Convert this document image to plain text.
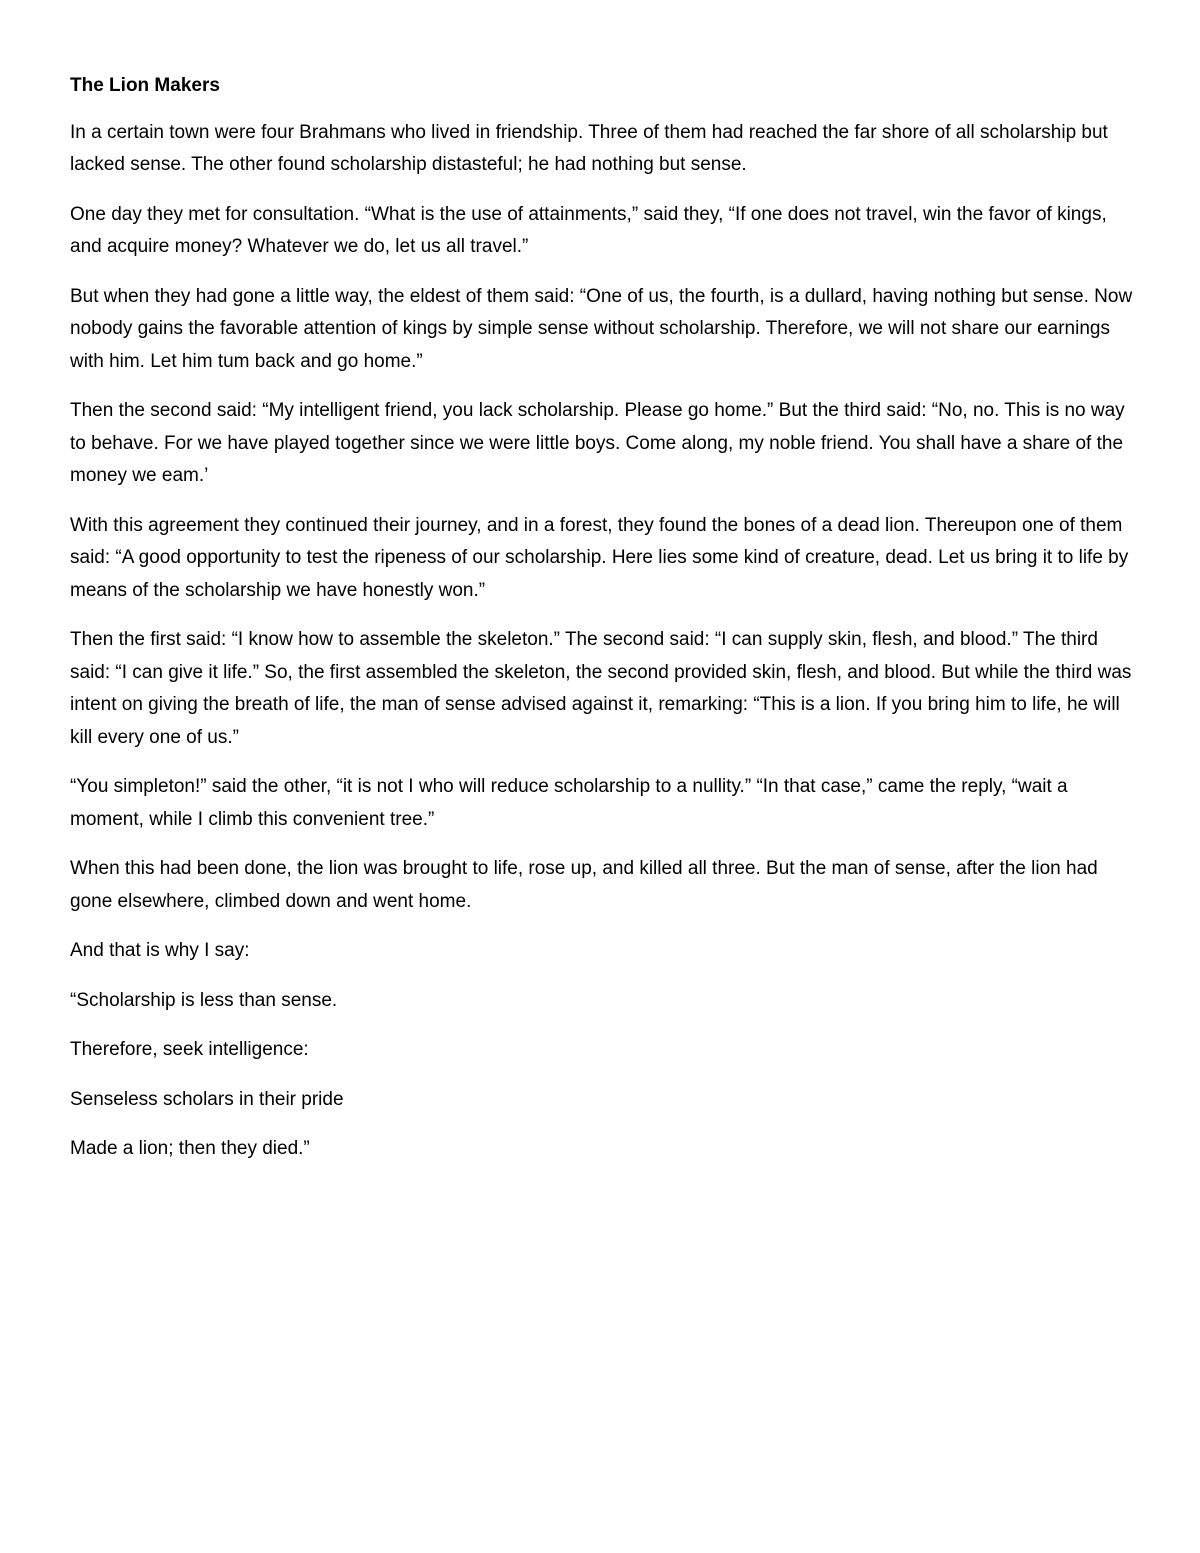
The Lion Makers

In a certain town were four Brahmans who lived in friendship. Three of them had reached the far shore of all scholarship but lacked sense. The other found scholarship distasteful; he had nothing but sense.

One day they met for consultation. “What is the use of attainments,” said they, “If one does not travel, win the favor of kings, and acquire money? Whatever we do, let us all travel.”

But when they had gone a little way, the eldest of them said: “One of us, the fourth, is a dullard, having nothing but sense. Now nobody gains the favorable attention of kings by simple sense without scholarship. Therefore, we will not share our earnings with him. Let him tum back and go home.”

Then the second said: “My intelligent friend, you lack scholarship. Please go home.” But the third said: “No, no. This is no way to behave. For we have played together since we were little boys. Come along, my noble friend. You shall have a share of the money we eam.’

With this agreement they continued their journey, and in a forest, they found the bones of a dead lion. Thereupon one of them said: “A good opportunity to test the ripeness of our scholarship. Here lies some kind of creature, dead. Let us bring it to life by means of the scholarship we have honestly won.”

Then the first said: “I know how to assemble the skeleton.” The second said: “I can supply skin, flesh, and blood.” The third said: “I can give it life.” So, the first assembled the skeleton, the second provided skin, flesh, and blood. But while the third was intent on giving the breath of life, the man of sense advised against it, remarking: “This is a lion. If you bring him to life, he will kill every one of us.”

“You simpleton!” said the other, “it is not I who will reduce scholarship to a nullity.” “In that case,” came the reply, “wait a moment, while I climb this convenient tree.”

When this had been done, the lion was brought to life, rose up, and killed all three. But the man of sense, after the lion had gone elsewhere, climbed down and went home.

And that is why I say:

“Scholarship is less than sense.

Therefore, seek intelligence:

Senseless scholars in their pride

Made a lion; then they died.”
